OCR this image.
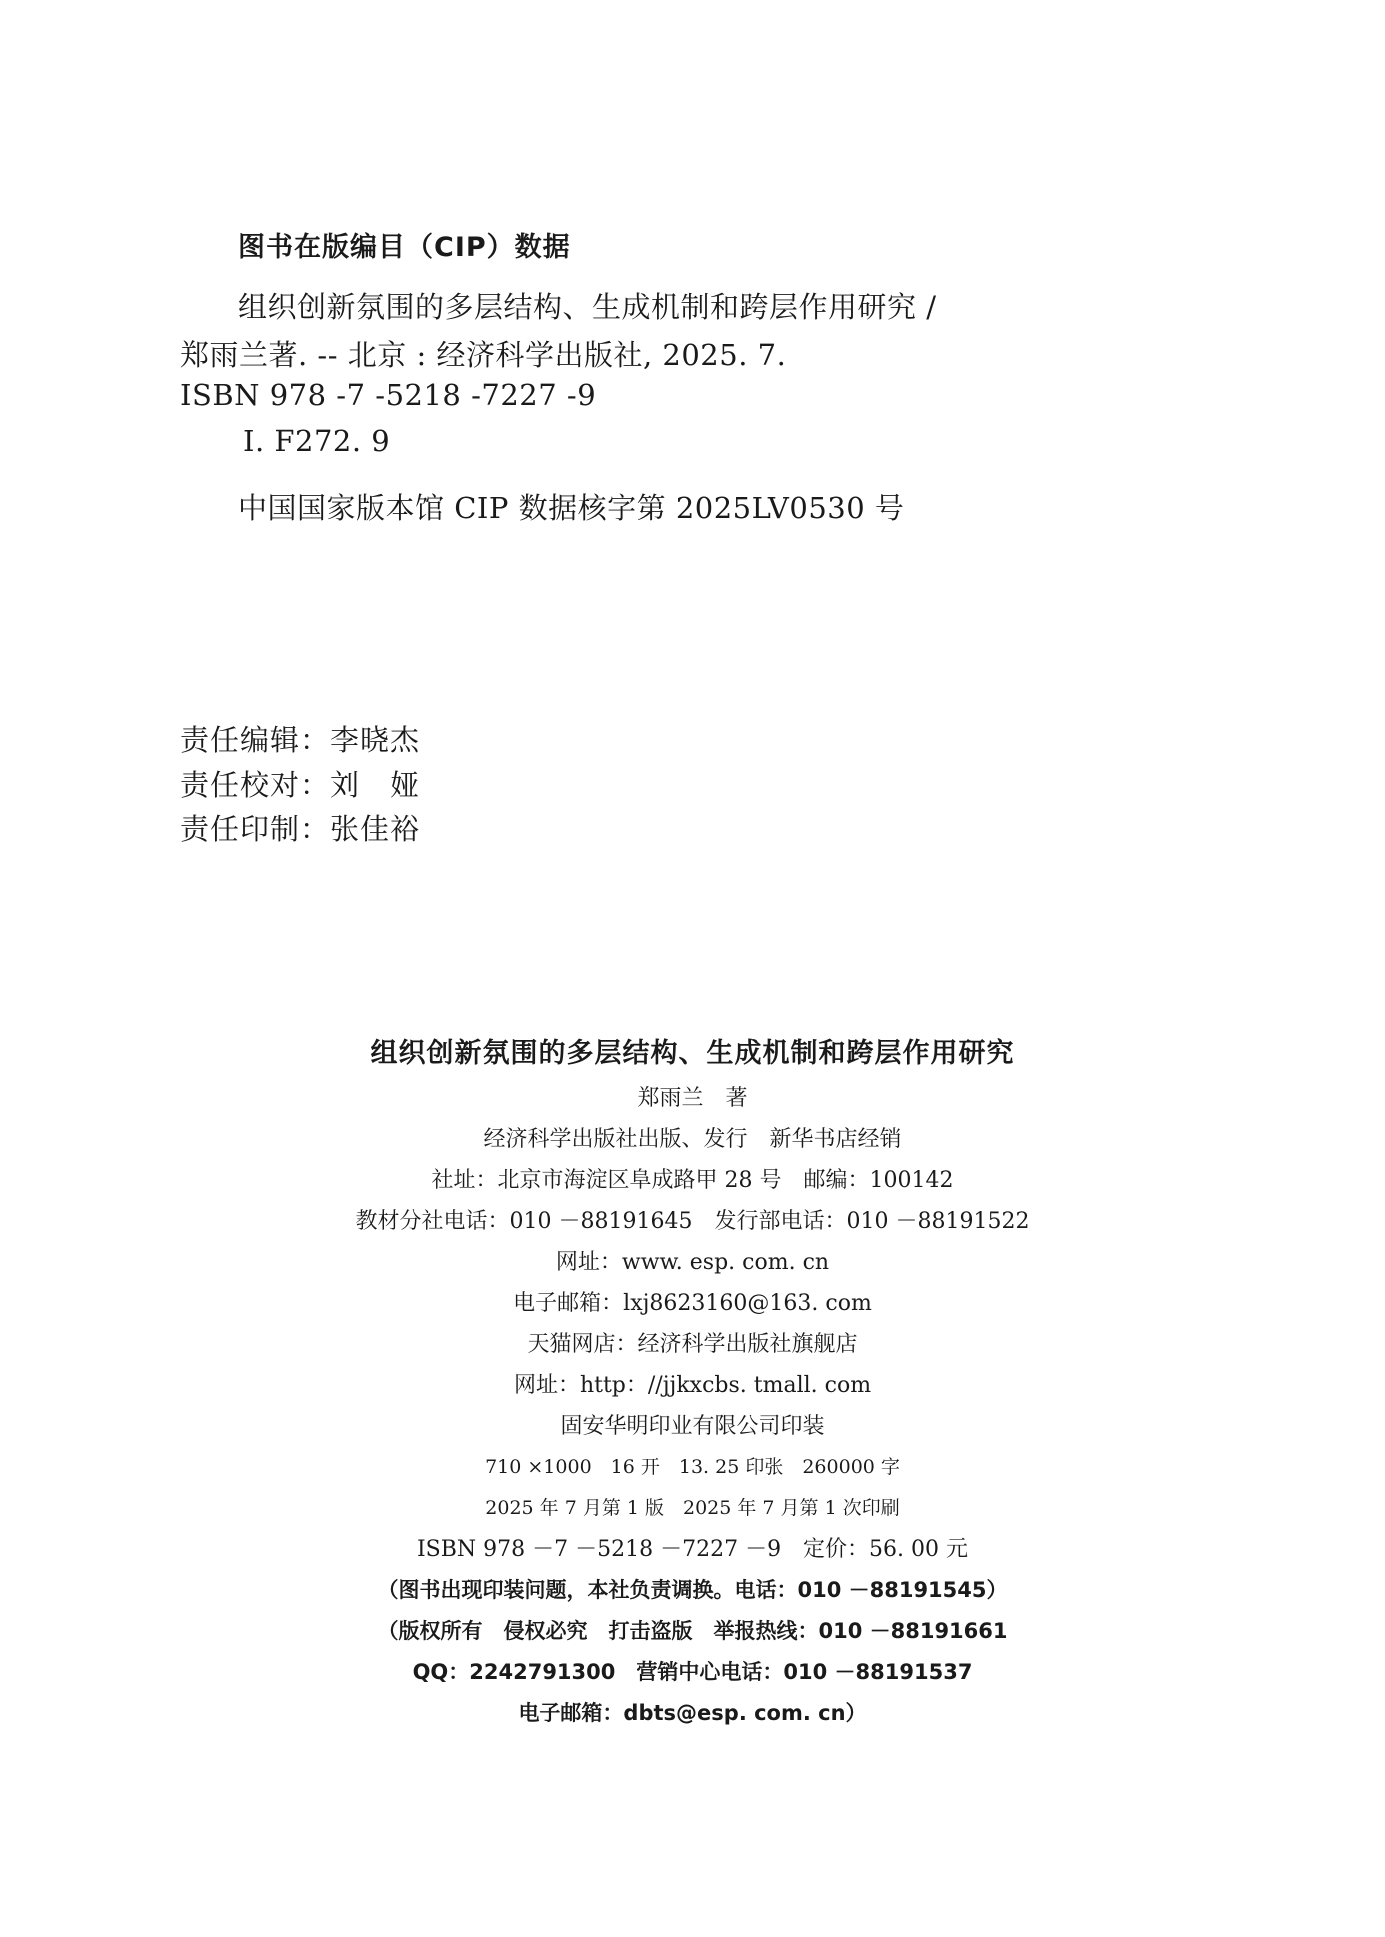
图书在版编目（CIP）数据
组织创新氛围的多层结构、生成机制和跨层作用研究 /
郑雨兰著. -- 北京 : 经济科学出版社, 2025. 7.
ISBN 978 -7 -5218 -7227 -9
Ⅰ. F272. 9
中国国家版本馆 CIP 数据核字第 2025LV0530 号
责任编辑：李晓杰
责任校对：刘　娅
责任印制：张佳裕
组织创新氛围的多层结构、生成机制和跨层作用研究
郑雨兰　著
经济科学出版社出版、发行　新华书店经销
社址：北京市海淀区阜成路甲 28 号　邮编：100142
教材分社电话：010 －88191645　发行部电话：010 －88191522
网址：www. esp. com. cn
电子邮箱：lxj8623160@163. com
天猫网店：经济科学出版社旗舰店
网址：http：//jjkxcbs. tmall. com
固安华明印业有限公司印装
710 ×1000　16 开　13. 25 印张　260000 字
2025 年 7 月第 1 版　2025 年 7 月第 1 次印刷
ISBN 978 －7 －5218 －7227 －9　定价：56. 00 元
（图书出现印装问题，本社负责调换。电话：010 －88191545）
（版权所有　侵权必究　打击盗版　举报热线：010 －88191661
QQ：2242791300　营销中心电话：010 －88191537
电子邮箱：dbts@esp. com. cn）
